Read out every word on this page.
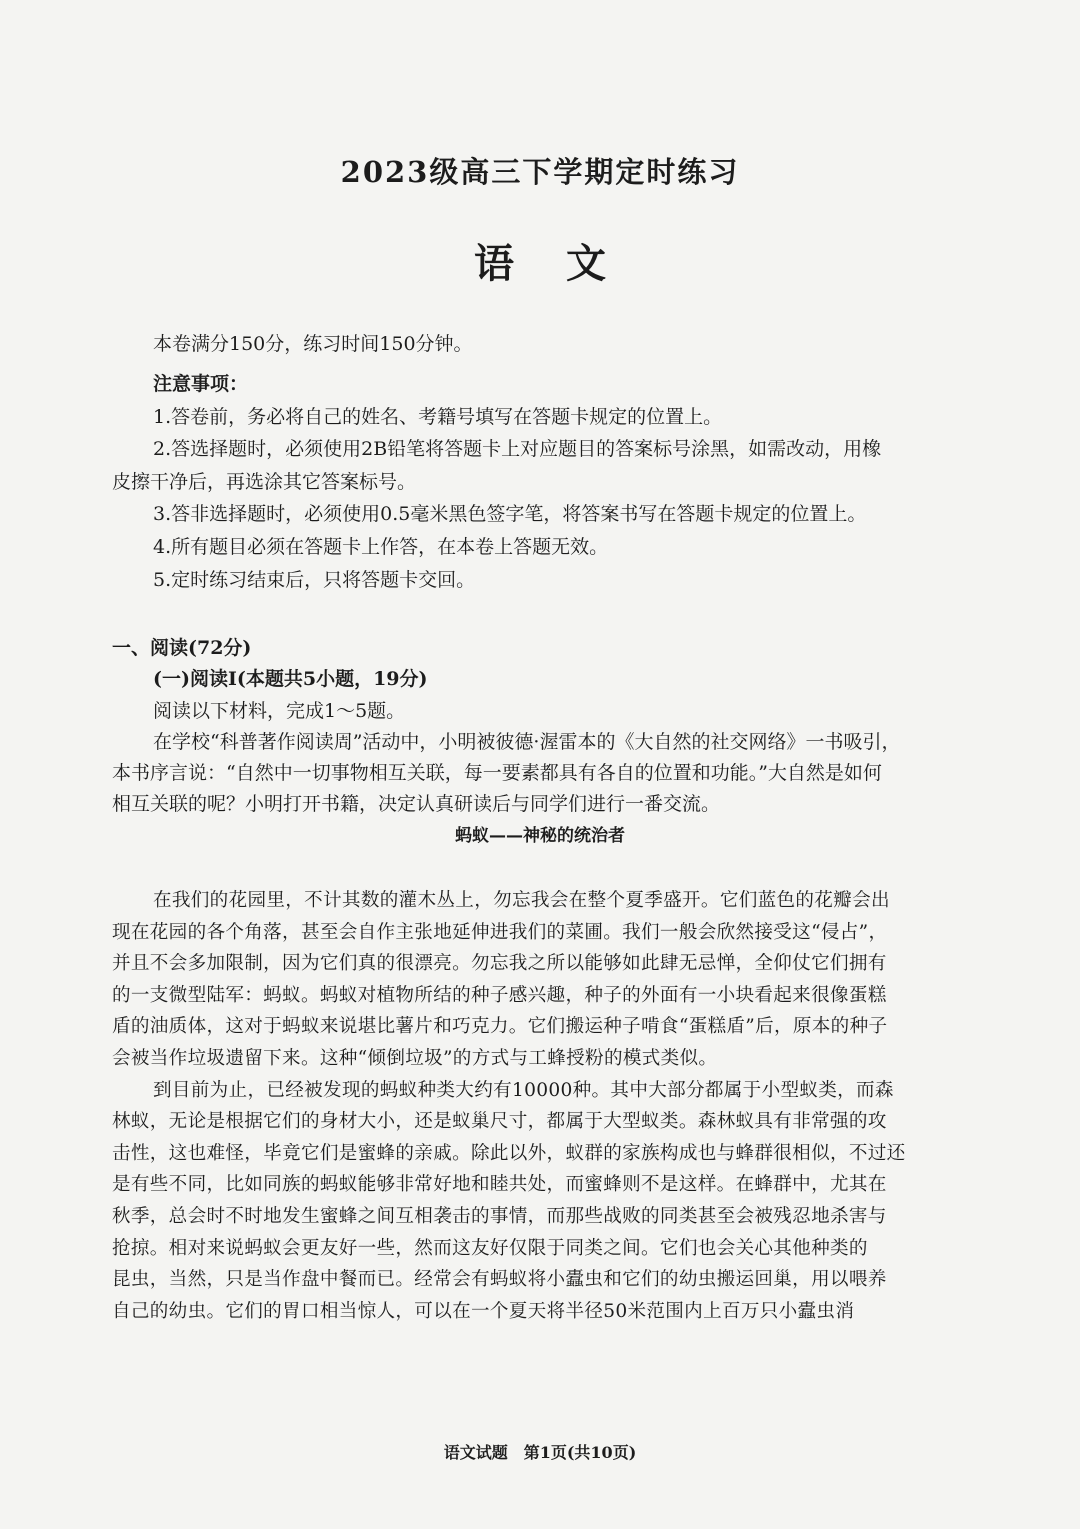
2023级高三下学期定时练习
语文
本卷满分150分，练习时间150分钟。
注意事项：
1.答卷前，务必将自己的姓名、考籍号填写在答题卡规定的位置上。
2.答选择题时，必须使用2B铅笔将答题卡上对应题目的答案标号涂黑，如需改动，用橡
皮擦干净后，再选涂其它答案标号。
3.答非选择题时，必须使用0.5毫米黑色签字笔，将答案书写在答题卡规定的位置上。
4.所有题目必须在答题卡上作答，在本卷上答题无效。
5.定时练习结束后，只将答题卡交回。
一、阅读(72分)
(一)阅读Ⅰ(本题共5小题，19分)
阅读以下材料，完成1～5题。
在学校“科普著作阅读周”活动中，小明被彼德·渥雷本的《大自然的社交网络》一书吸引，
本书序言说：“自然中一切事物相互关联，每一要素都具有各自的位置和功能。”大自然是如何
相互关联的呢？小明打开书籍，决定认真研读后与同学们进行一番交流。
蚂蚁——神秘的统治者
在我们的花园里，不计其数的灌木丛上，勿忘我会在整个夏季盛开。它们蓝色的花瓣会出
现在花园的各个角落，甚至会自作主张地延伸进我们的菜圃。我们一般会欣然接受这“侵占”，
并且不会多加限制，因为它们真的很漂亮。勿忘我之所以能够如此肆无忌惮，全仰仗它们拥有
的一支微型陆军：蚂蚁。蚂蚁对植物所结的种子感兴趣，种子的外面有一小块看起来很像蛋糕
盾的油质体，这对于蚂蚁来说堪比薯片和巧克力。它们搬运种子啃食“蛋糕盾”后，原本的种子
会被当作垃圾遗留下来。这种“倾倒垃圾”的方式与工蜂授粉的模式类似。
到目前为止，已经被发现的蚂蚁种类大约有10000种。其中大部分都属于小型蚁类，而森
林蚁，无论是根据它们的身材大小，还是蚁巢尺寸，都属于大型蚁类。森林蚁具有非常强的攻
击性，这也难怪，毕竟它们是蜜蜂的亲戚。除此以外，蚁群的家族构成也与蜂群很相似，不过还
是有些不同，比如同族的蚂蚁能够非常好地和睦共处，而蜜蜂则不是这样。在蜂群中，尤其在
秋季，总会时不时地发生蜜蜂之间互相袭击的事情，而那些战败的同类甚至会被残忍地杀害与
抢掠。相对来说蚂蚁会更友好一些，然而这友好仅限于同类之间。它们也会关心其他种类的
昆虫，当然，只是当作盘中餐而已。经常会有蚂蚁将小蠹虫和它们的幼虫搬运回巢，用以喂养
自己的幼虫。它们的胃口相当惊人，可以在一个夏天将半径50米范围内上百万只小蠹虫消
语文试题　第1页(共10页)
